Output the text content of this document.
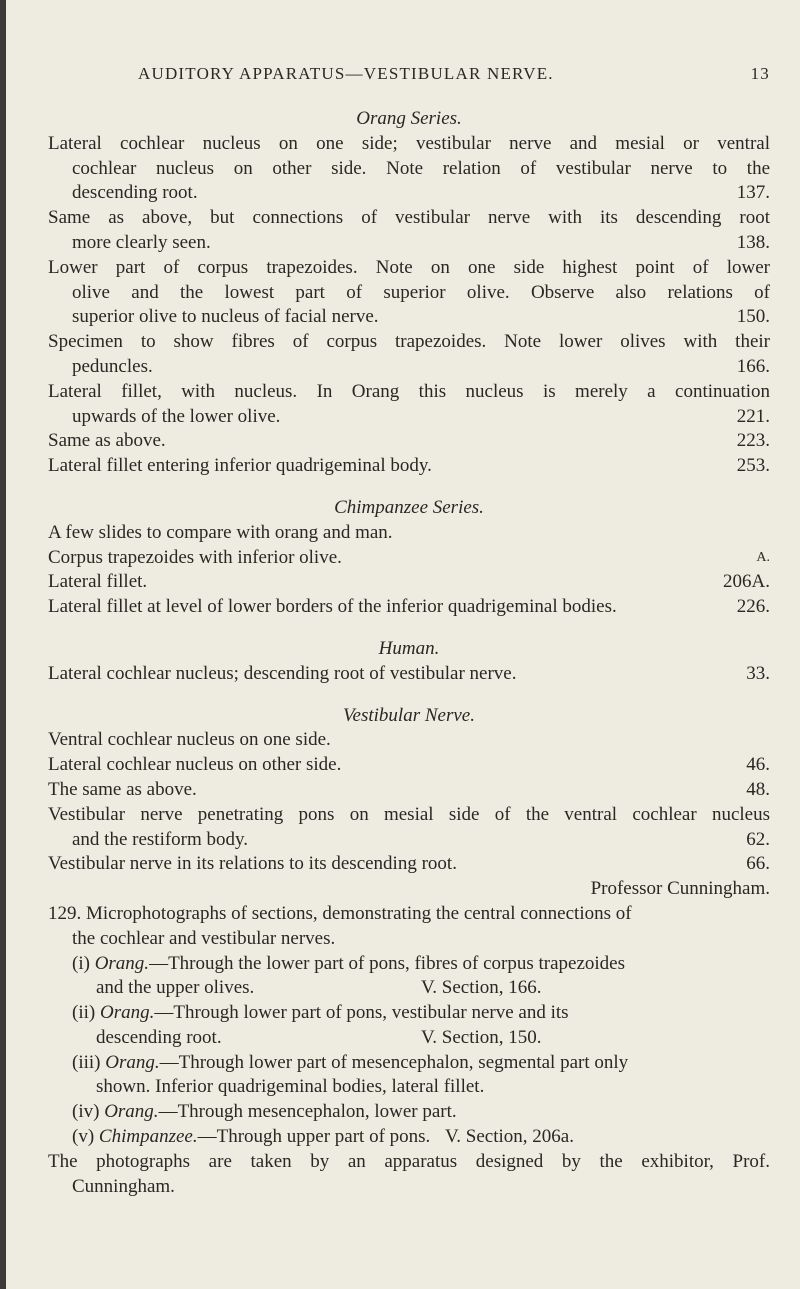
AUDITORY APPARATUS—VESTIBULAR NERVE.	13
Orang Series.
Lateral cochlear nucleus on one side; vestibular nerve and mesial or ventral
cochlear nucleus on other side. Note relation of vestibular nerve to the
descending root.	137.
Same as above, but connections of vestibular nerve with its descending root
more clearly seen.	138.
Lower part of corpus trapezoides. Note on one side highest point of lower
olive and the lowest part of superior olive. Observe also relations of
superior olive to nucleus of facial nerve.	150.
Specimen to show fibres of corpus trapezoides. Note lower olives with their
peduncles.	166.
Lateral fillet, with nucleus. In Orang this nucleus is merely a continuation
upwards of the lower olive.	221.
Same as above.	223.
Lateral fillet entering inferior quadrigeminal body.	253.
Chimpanzee Series.
A few slides to compare with orang and man.
Corpus trapezoides with inferior olive.	A.
Lateral fillet.	206A.
Lateral fillet at level of lower borders of the inferior quadrigeminal bodies.	226.
Human.
Lateral cochlear nucleus; descending root of vestibular nerve.	33.
Vestibular Nerve.
Ventral cochlear nucleus on one side.
Lateral cochlear nucleus on other side.	46.
The same as above.	48.
Vestibular nerve penetrating pons on mesial side of the ventral cochlear nucleus
and the restiform body.	62.
Vestibular nerve in its relations to its descending root.	66.
Professor Cunningham.
129. Microphotographs of sections, demonstrating the central connections of
the cochlear and vestibular nerves.
(i) Orang.—Through the lower part of pons, fibres of corpus trapezoides
and the upper olives.	V. Section, 166.
(ii) Orang.—Through lower part of pons, vestibular nerve and its
descending root.	V. Section, 150.
(iii) Orang.—Through lower part of mesencephalon, segmental part only
shown. Inferior quadrigeminal bodies, lateral fillet.
(iv) Orang.—Through mesencephalon, lower part.
(v) Chimpanzee.—Through upper part of pons. V. Section, 206a.
The photographs are taken by an apparatus designed by the exhibitor, Prof.
Cunningham.
